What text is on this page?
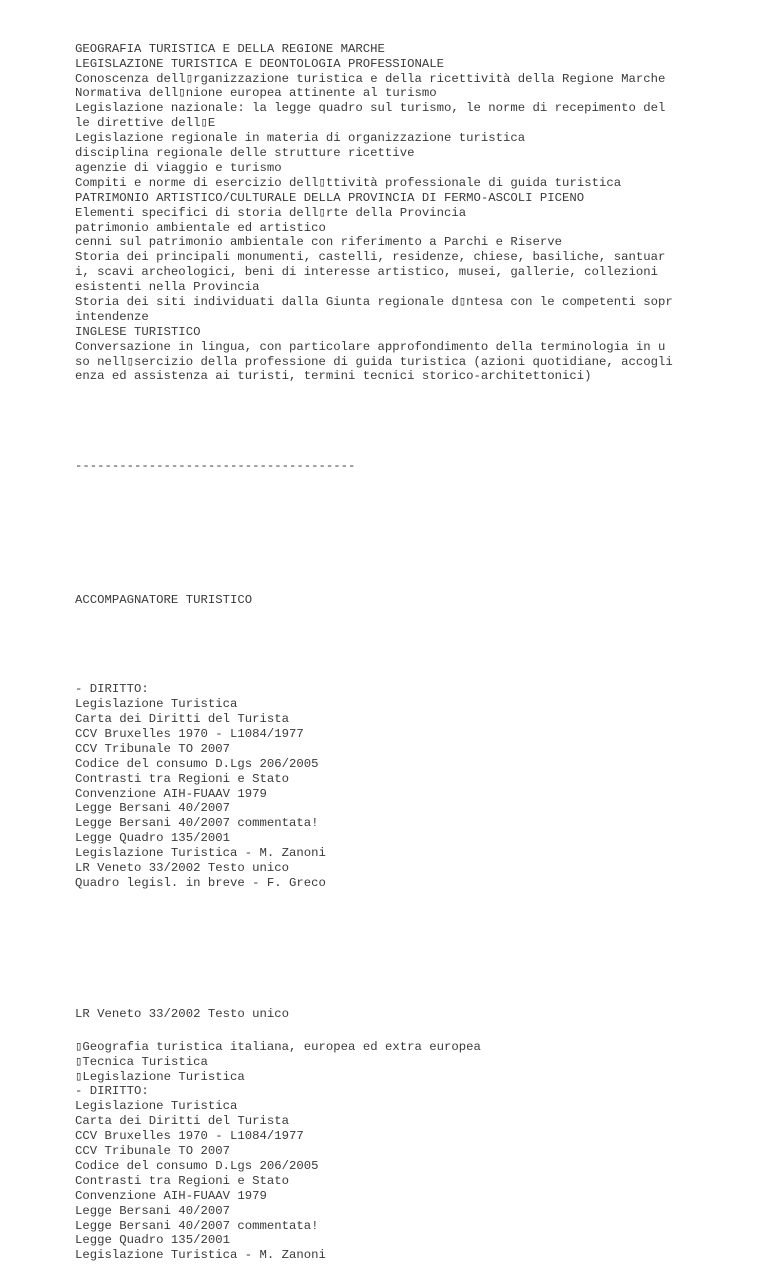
GEOGRAFIA TURISTICA E DELLA REGIONE MARCHE
LEGISLAZIONE TURISTICA E DEONTOLOGIA PROFESSIONALE
Conoscenza dell▯rganizzazione turistica e della ricettività della Regione Marche
Normativa dell▯nione europea attinente al turismo
Legislazione nazionale: la legge quadro sul turismo, le norme di recepimento del
le direttive dell▯E
Legislazione regionale in materia di organizzazione turistica
disciplina regionale delle strutture ricettive
agenzie di viaggio e turismo
Compiti e norme di esercizio dell▯ttività professionale di guida turistica
PATRIMONIO ARTISTICO/CULTURALE DELLA PROVINCIA DI FERMO-ASCOLI PICENO
Elementi specifici di storia dell▯rte della Provincia
patrimonio ambientale ed artistico
cenni sul patrimonio ambientale con riferimento a Parchi e Riserve
Storia dei principali monumenti, castelli, residenze, chiese, basiliche, santuar
i, scavi archeologici, beni di interesse artistico, musei, gallerie, collezioni
esistenti nella Provincia
Storia dei siti individuati dalla Giunta regionale d▯ntesa con le competenti sopr
intendenze
INGLESE TURISTICO
Conversazione in lingua, con particolare approfondimento della terminologia in u
so nell▯sercizio della professione di guida turistica (azioni quotidiane, accogli
enza ed assistenza ai turisti, termini tecnici storico-architettonici)

--------------------------------------

ACCOMPAGNATORE TURISTICO

- DIRITTO:
Legislazione Turistica
Carta dei Diritti del Turista
CCV Bruxelles 1970 - L1084/1977
CCV Tribunale TO 2007
Codice del consumo D.Lgs 206/2005
Contrasti tra Regioni e Stato
Convenzione AIH-FUAAV 1979
Legge Bersani 40/2007
Legge Bersani 40/2007 commentata!
Legge Quadro 135/2001
Legislazione Turistica - M. Zanoni
LR Veneto 33/2002 Testo unico
Quadro legisl. in breve - F. Greco

▯Geografia turistica italiana, europea ed extra europea
▯Tecnica Turistica
▯Legislazione Turistica
- DIRITTO:
Legislazione Turistica
Carta dei Diritti del Turista
CCV Bruxelles 1970 - L1084/1977
CCV Tribunale TO 2007
Codice del consumo D.Lgs 206/2005
Contrasti tra Regioni e Stato
Convenzione AIH-FUAAV 1979
Legge Bersani 40/2007
Legge Bersani 40/2007 commentata!
Legge Quadro 135/2001
Legislazione Turistica - M. Zanoni

LR Veneto 33/2002 Testo unico
